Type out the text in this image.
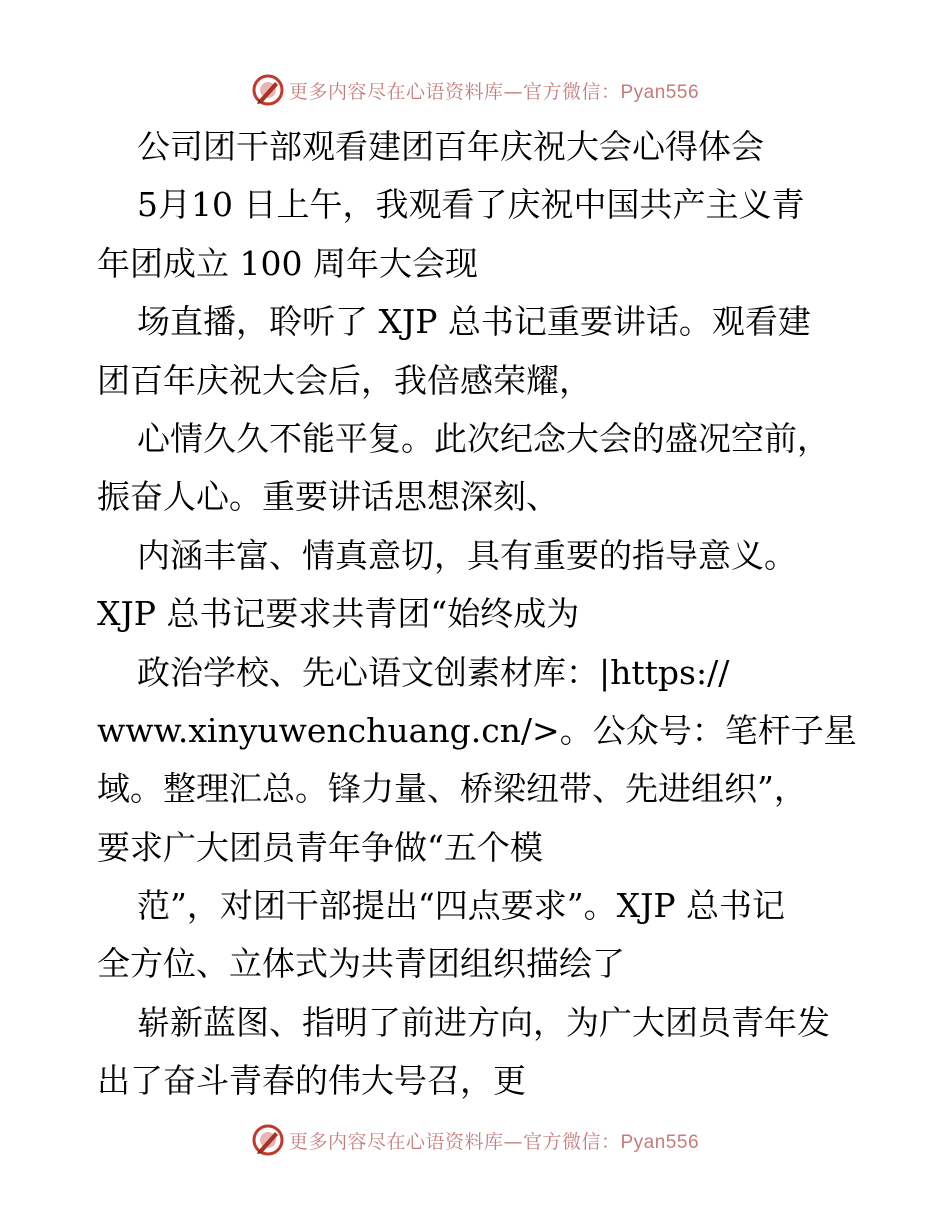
更多内容尽在心语资料库—官方微信：Pyan556
公司团干部观看建团百年庆祝大会心得体会
5月10 日上午，我观看了庆祝中国共产主义青
年团成立 100 周年大会现
场直播，聆听了 XJP 总书记重要讲话。观看建
团百年庆祝大会后，我倍感荣耀，
心情久久不能平复。此次纪念大会的盛况空前，
振奋人心。重要讲话思想深刻、
内涵丰富、情真意切，具有重要的指导意义。
XJP 总书记要求共青团“始终成为
政治学校、先心语文创素材库：|https://
www.xinyuwenchuang.cn/>。公众号：笔杆子星
域。整理汇总。锋力量、桥梁纽带、先进组织”，
要求广大团员青年争做“五个模
范”，对团干部提出“四点要求”。XJP 总书记
全方位、立体式为共青团组织描绘了
崭新蓝图、指明了前进方向，为广大团员青年发
出了奋斗青春的伟大号召，更
更多内容尽在心语资料库—官方微信：Pyan556
